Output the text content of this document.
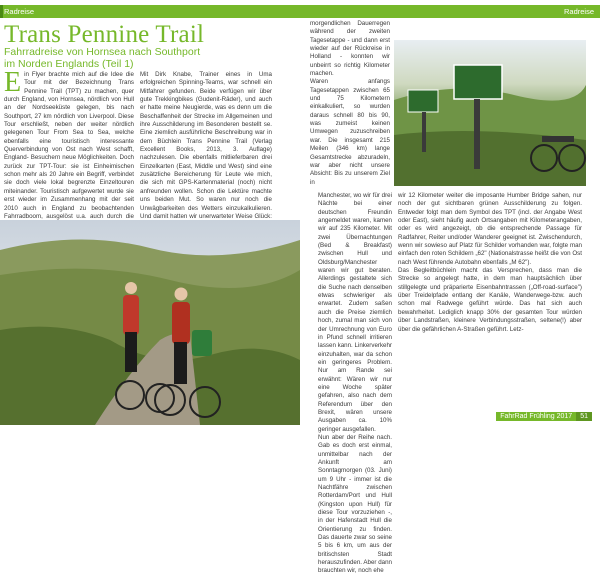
Radreise
Trans Pennine Trail
Fahrradreise von Hornsea nach Southport
im Norden Englands (Teil 1)
Ein Flyer brachte mich auf die Idee die Tour mit der Bezeichnung Trans Pennine Trail (TPT) zu machen, quer durch England, von Hornsea, nördlich von Hull an der Nordseeküste gelegen, bis nach Southport, 27 km nördlich von Liverpool. Diese Tour erschließt, neben der weiter nördlich gelegenen Tour From Sea to Sea, welche ebenfalls eine touristisch interessante Querverbindung von Ost nach West schafft, England- Besuchern neue Möglichkeiten. Doch zurück zur TPT-Tour: sie ist Einheimischen schon mehr als 20 Jahre ein Begriff, verbindet sie doch viele lokal begrenzte Einzeltouren miteinander. Touristisch aufgewertet wurde sie erst wieder im Zusammenhang mit der seit 2010 auch in England zu beobachtenden Fahrradboom, ausgelöst u.a. auch durch die
Mit Dirk Knabe, Trainer eines in Uma erfolgreichen Spinning-Teams, war schnell ein Mitfahrer gefunden. Beide verfügen wir über gute Trekkingbikes (Gudenit-Räder), und auch er hatte meine Neugierde, was es denn um die Beschaffenheit der Strecke im Allgemeinen und ihre Ausschilderung im Besonderen bestellt se. Eine ziemlich ausführliche Beschreibung war in dem Büchlein Trans Pennine Trail (Verlag Excellent Books, 2013, 3. Auflage) nachzulesen. Die ebenfalls mitlieferbaren drei Einzelkarten (East, Middle und West) sind eine zusätzliche Bereicherung für Leute wie mich, die sich mit GPS-Kartenmaterial (noch) nicht anfreunden wollen. Schon die Lektüre machte uns beiden Mut. So waren nur noch die Unwägbarkeiten des Wetters einzukalkulieren. Und damit hatten wir unerwarteter Weise Glück:
Radreise
morgendlichen Dauerregen während der zweiten Tagesetappe - und dann erst wieder auf der Rückreise in Holland - konnten wir unbeirrt so richtig Kilometer machen.
Waren anfangs Tagesetappen zwischen 65 und 75 Kilometern einkalkuliert, so wurden daraus schnell 80 bis 90, was zumeist keinen Umwegen zuzuschreiben war. Die insgesamt 215 Meilen (346 km) lange Gesamtstrecke abzuradeln, war aber nicht unsere Absicht: Bis zu unserem Ziel in
Manchester, wo wir für drei Nächte bei einer deutschen Freundin angemeldet waren, kamen wir auf 235 Kilometer. Mit zwei Übernachtungen (Bed & Breakfast) zwischen Hull und Oldsburg/Manchester waren wir gut beraten. Allerdings gestaltete sich die Suche nach denselben etwas schwieriger als erwartet. Zudem saßen auch die Preise ziemlich hoch, zumal man sich von der Umrechnung von Euro in Pfund schnell irritieren lassen kann. Linkerverkehr einzuhalten, war da schon ein geringeres Problem. Nur am Rande sei erwähnt: Wären wir nur eine Woche später gefahren, also nach dem Referendum über den Brexit, wären unsere Ausgaben ca. 10% geringer ausgefallen.
Nun aber der Reihe nach. Gab es doch erst einmal, unmittelbar nach der Ankunft am Sonntagmorgen (03. Juni) um 9 Uhr - immer ist die Nachtfähre zwischen Rotterdam/Port und Hull (Kingston upon Hull) für diese Tour vorzuziehen -, in der Hafenstadt Hull die Orientierung zu finden. Das dauerte zwar so seine 5 bis 6 km, um aus der britischsten Stadt herauszufinden. Aber dann brauchten wir, noch ehe
wir 12 Kilometer weiter die imposante Humber Bridge sahen, nur noch der gut sichtbaren grünen Ausschilderung zu folgen. Entweder folgt man dem Symbol des TPT (incl. der Angabe West oder East), sieht häufig auch Ortsangaben mit Kilometerangaben, oder es wird angezeigt, ob die entsprechende Passage für Radfahrer, Reiter und/oder Wanderer geeignet ist. Zwischendurch, wenn wir sowieso auf Platz für Schilder vorhanden war, folgte man einfach den roten Schildern „62" (Nationalstrasse heißt die von Ost nach West führende Autobahn ebenfalls „M 62").
Das Begleitbüchlein macht das Versprechen, dass man die Strecke so angelegt hatte, in dem man hauptsächlich über stillgelegte und präparierte Eisenbahntrassen („Off-road-surface") über Treidelpfade entlang der Kanäle, Wanderwege-bzw. auch schon mal Radwege geführt würde. Das hat sich auch bewahrheitet. Lediglich knapp 30% der gesamten Tour würden über Landstraßen, kleinere Verbindungsstraßen, seltene(!) aber über die gefährlichen A-Straßen geführt. Letz-
FahrRad Frühling 2017 51
